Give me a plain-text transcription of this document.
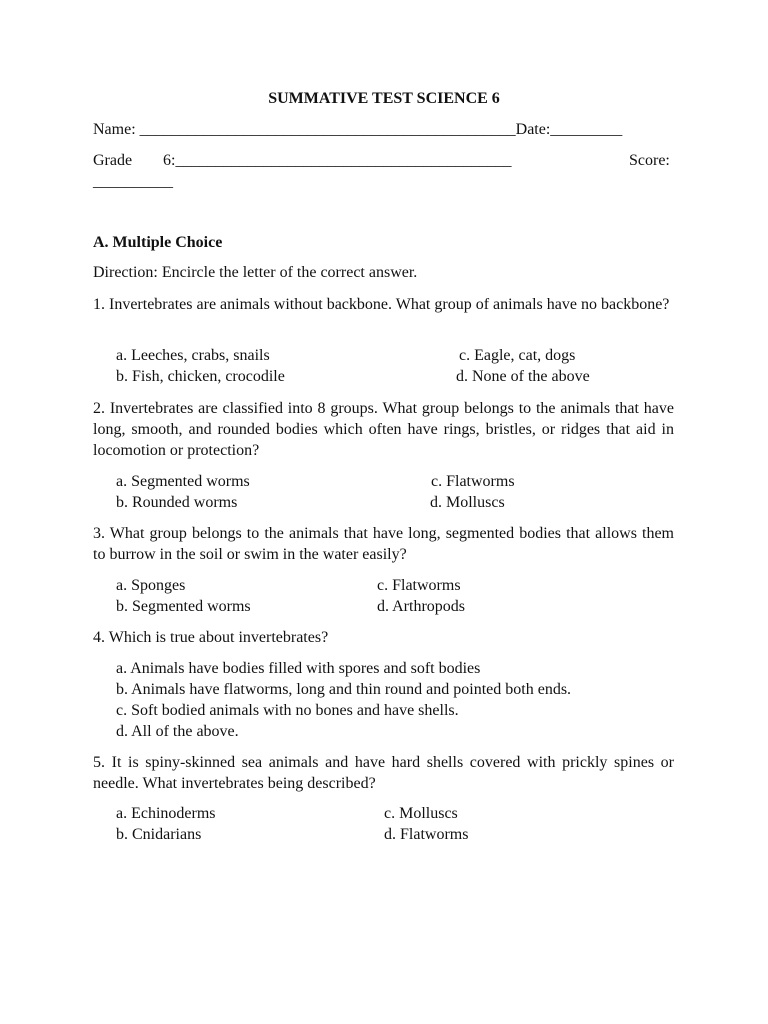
SUMMATIVE TEST SCIENCE 6
Name: _______________________________________________Date:_________
Grade 6:__________________________________________	Score:
__________
A. Multiple Choice
Direction: Encircle the letter of the correct answer.
1. Invertebrates are animals without backbone. What group of animals have no backbone?
a. Leeches, crabs, snails
b. Fish, chicken, crocodile
c. Eagle, cat, dogs
d. None of the above
2. Invertebrates are classified into 8 groups. What group belongs to the animals that have long, smooth, and rounded bodies which often have rings, bristles, or ridges that aid in locomotion or protection?
a. Segmented worms
b. Rounded worms
c. Flatworms
d. Molluscs
3. What group belongs to the animals that have long, segmented bodies that allows them to burrow in the soil or swim in the water easily?
a. Sponges
b. Segmented worms
c. Flatworms
d. Arthropods
4. Which is true about invertebrates?
a. Animals have bodies filled with spores and soft bodies
b. Animals have flatworms, long and thin round and pointed both ends.
c. Soft bodied animals with no bones and have shells.
d. All of the above.
5. It is spiny-skinned sea animals and have hard shells covered with prickly spines or needle. What invertebrates being described?
a. Echinoderms
b. Cnidarians
c. Molluscs
d. Flatworms
